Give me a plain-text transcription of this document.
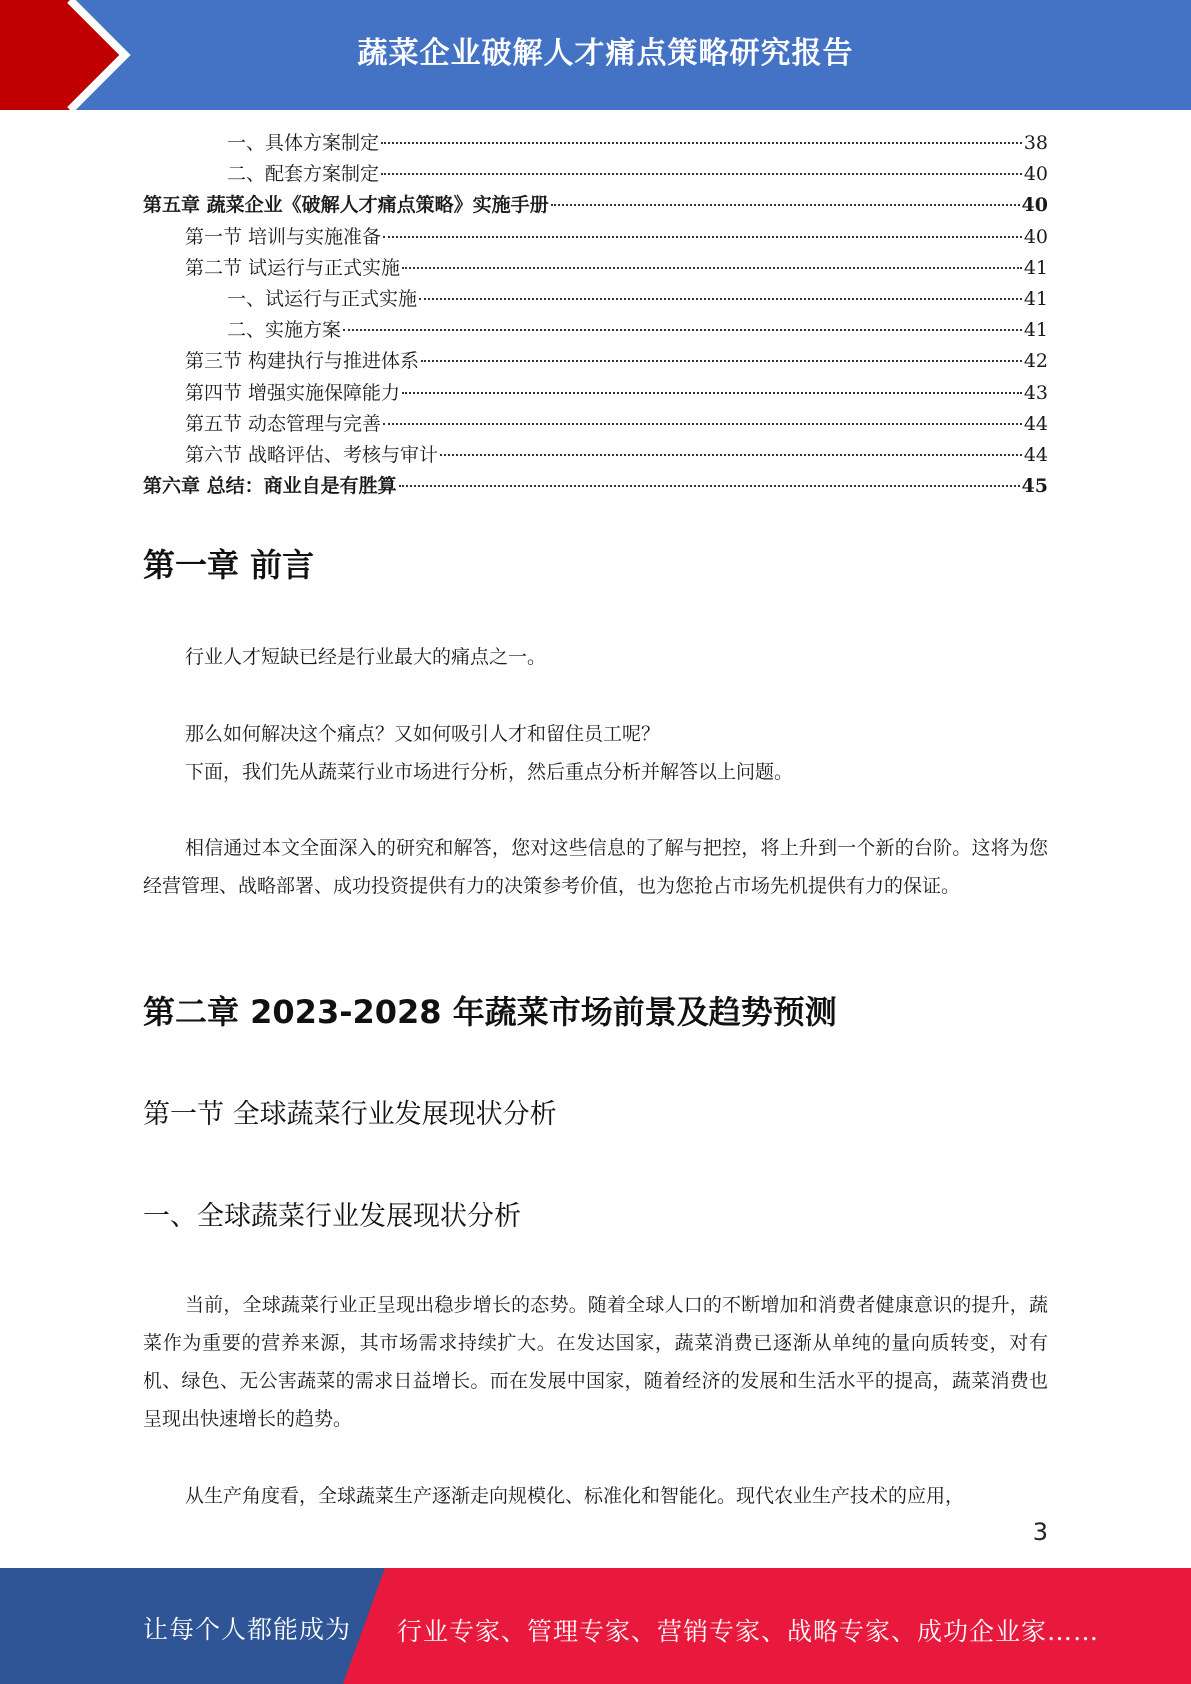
蔬菜企业破解人才痛点策略研究报告
一、具体方案制定	38
二、配套方案制定	40
第五章 蔬菜企业《破解人才痛点策略》实施手册	40
第一节 培训与实施准备	40
第二节 试运行与正式实施	41
一、试运行与正式实施	41
二、实施方案	41
第三节 构建执行与推进体系	42
第四节 增强实施保障能力	43
第五节 动态管理与完善	44
第六节 战略评估、考核与审计	44
第六章 总结：商业自是有胜算	45
第一章 前言

行业人才短缺已经是行业最大的痛点之一。

那么如何解决这个痛点？又如何吸引人才和留住员工呢？

下面，我们先从蔬菜行业市场进行分析，然后重点分析并解答以上问题。

相信通过本文全面深入的研究和解答，您对这些信息的了解与把控，将上升到一个新的台阶。这将为您经营管理、战略部署、成功投资提供有力的决策参考价值，也为您抢占市场先机提供有力的保证。

第二章 2023-2028 年蔬菜市场前景及趋势预测
第一节 全球蔬菜行业发展现状分析
一、全球蔬菜行业发展现状分析

当前，全球蔬菜行业正呈现出稳步增长的态势。随着全球人口的不断增加和消费者健康意识的提升，蔬菜作为重要的营养来源，其市场需求持续扩大。在发达国家，蔬菜消费已逐渐从单纯的量向质转变，对有机、绿色、无公害蔬菜的需求日益增长。而在发展中国家，随着经济的发展和生活水平的提高，蔬菜消费也呈现出快速增长的趋势。

从生产角度看，全球蔬菜生产逐渐走向规模化、标准化和智能化。现代农业生产技术的应用，

3
让每个人都能成为 行业专家、管理专家、营销专家、战略专家、成功企业家……
